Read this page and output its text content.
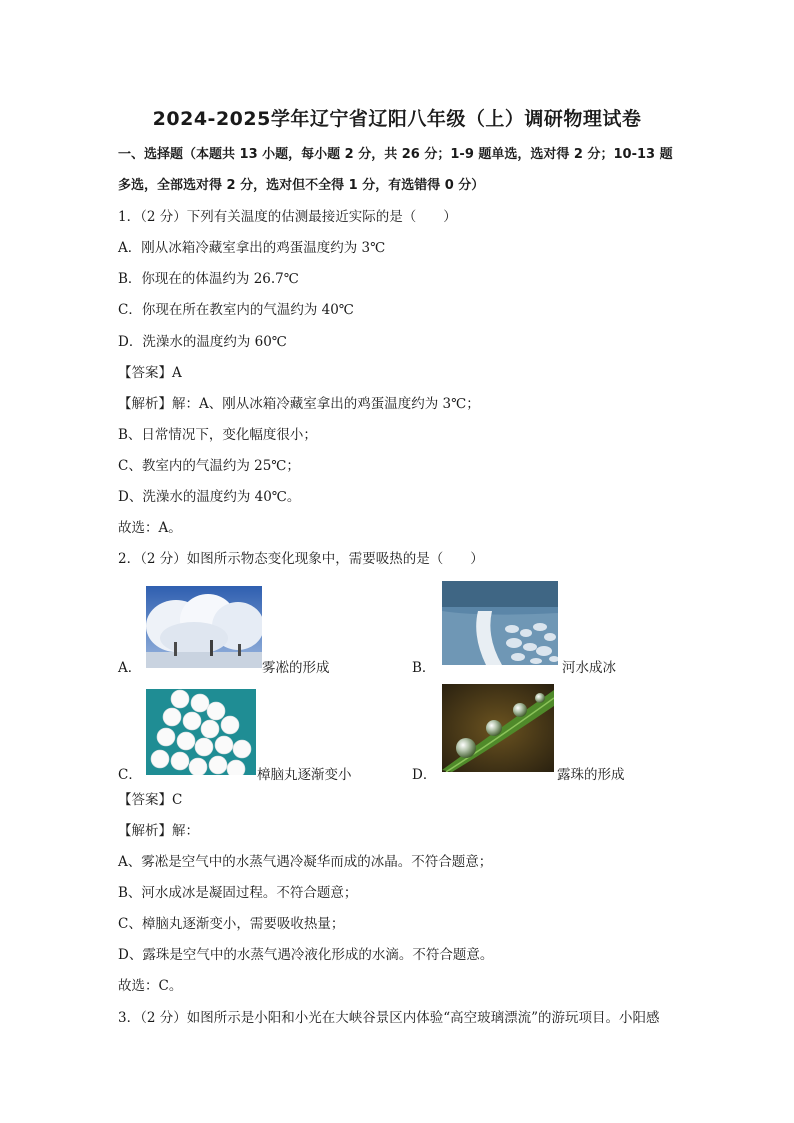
2024-2025学年辽宁省辽阳八年级（上）调研物理试卷
一、选择题（本题共 13 小题，每小题 2 分，共 26 分；1-9 题单选，选对得 2 分；10-13 题
多选，全部选对得 2 分，选对但不全得 1 分，有选错得 0 分）
1．（2 分）下列有关温度的估测最接近实际的是（　　）
A．刚从冰箱冷藏室拿出的鸡蛋温度约为 3℃
B．你现在的体温约为 26.7℃
C．你现在所在教室内的气温约为 40℃
D．洗澡水的温度约为 60℃
【答案】A
【解析】解：A、刚从冰箱冷藏室拿出的鸡蛋温度约为 3℃；
B、日常情况下，变化幅度很小；
C、教室内的气温约为 25℃；
D、洗澡水的温度约为 40℃。
故选：A。
2．（2 分）如图所示物态变化现象中，需要吸热的是（　　）
A．	雾凇的形成	B．	河水成冰
C．	樟脑丸逐渐变小	D．	露珠的形成
【答案】C
【解析】解：
A、雾凇是空气中的水蒸气遇冷凝华而成的冰晶。不符合题意；
B、河水成冰是凝固过程。不符合题意；
C、樟脑丸逐渐变小，需要吸收热量；
D、露珠是空气中的水蒸气遇冷液化形成的水滴。不符合题意。
故选：C。
3．（2 分）如图所示是小阳和小光在大峡谷景区内体验“高空玻璃漂流”的游玩项目。小阳感
